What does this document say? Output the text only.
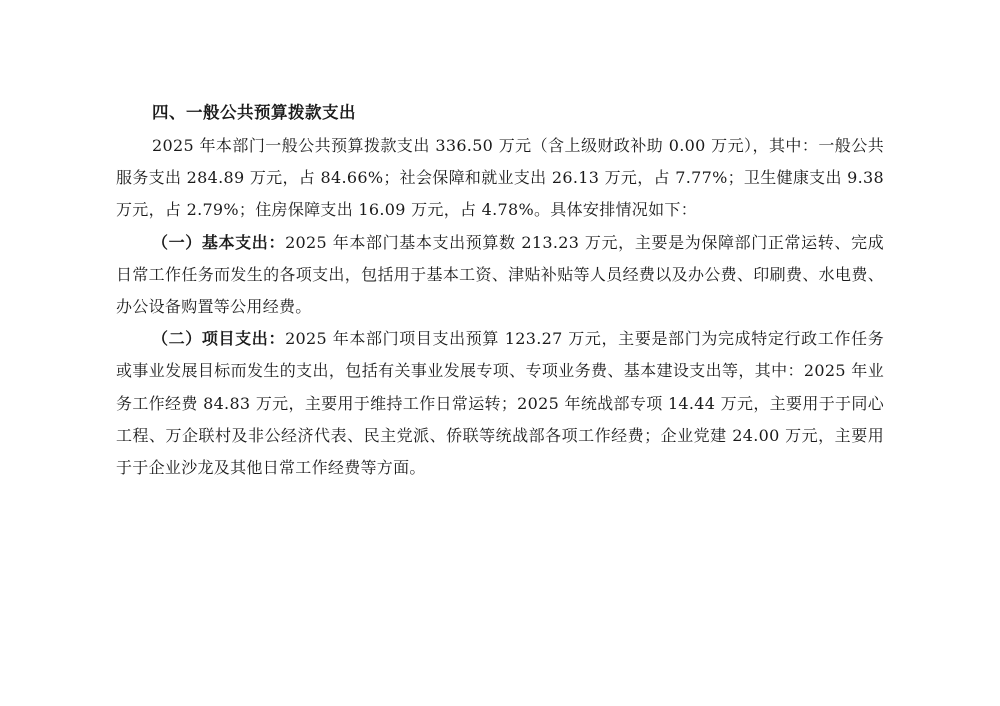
四、一般公共预算拨款支出

2025 年本部门一般公共预算拨款支出 336.50 万元（含上级财政补助 0.00 万元），其中：一般公共服务支出 284.89 万元，占 84.66%；社会保障和就业支出 26.13 万元，占 7.77%；卫生健康支出 9.38 万元，占 2.79%；住房保障支出 16.09 万元，占 4.78%。具体安排情况如下：

（一）基本支出：2025 年本部门基本支出预算数 213.23 万元，主要是为保障部门正常运转、完成日常工作任务而发生的各项支出，包括用于基本工资、津贴补贴等人员经费以及办公费、印刷费、水电费、办公设备购置等公用经费。

（二）项目支出：2025 年本部门项目支出预算 123.27 万元，主要是部门为完成特定行政工作任务或事业发展目标而发生的支出，包括有关事业发展专项、专项业务费、基本建设支出等，其中：2025 年业务工作经费 84.83 万元，主要用于维持工作日常运转；2025 年统战部专项 14.44 万元，主要用于于同心工程、万企联村及非公经济代表、民主党派、侨联等统战部各项工作经费；企业党建 24.00 万元，主要用于于企业沙龙及其他日常工作经费等方面。
